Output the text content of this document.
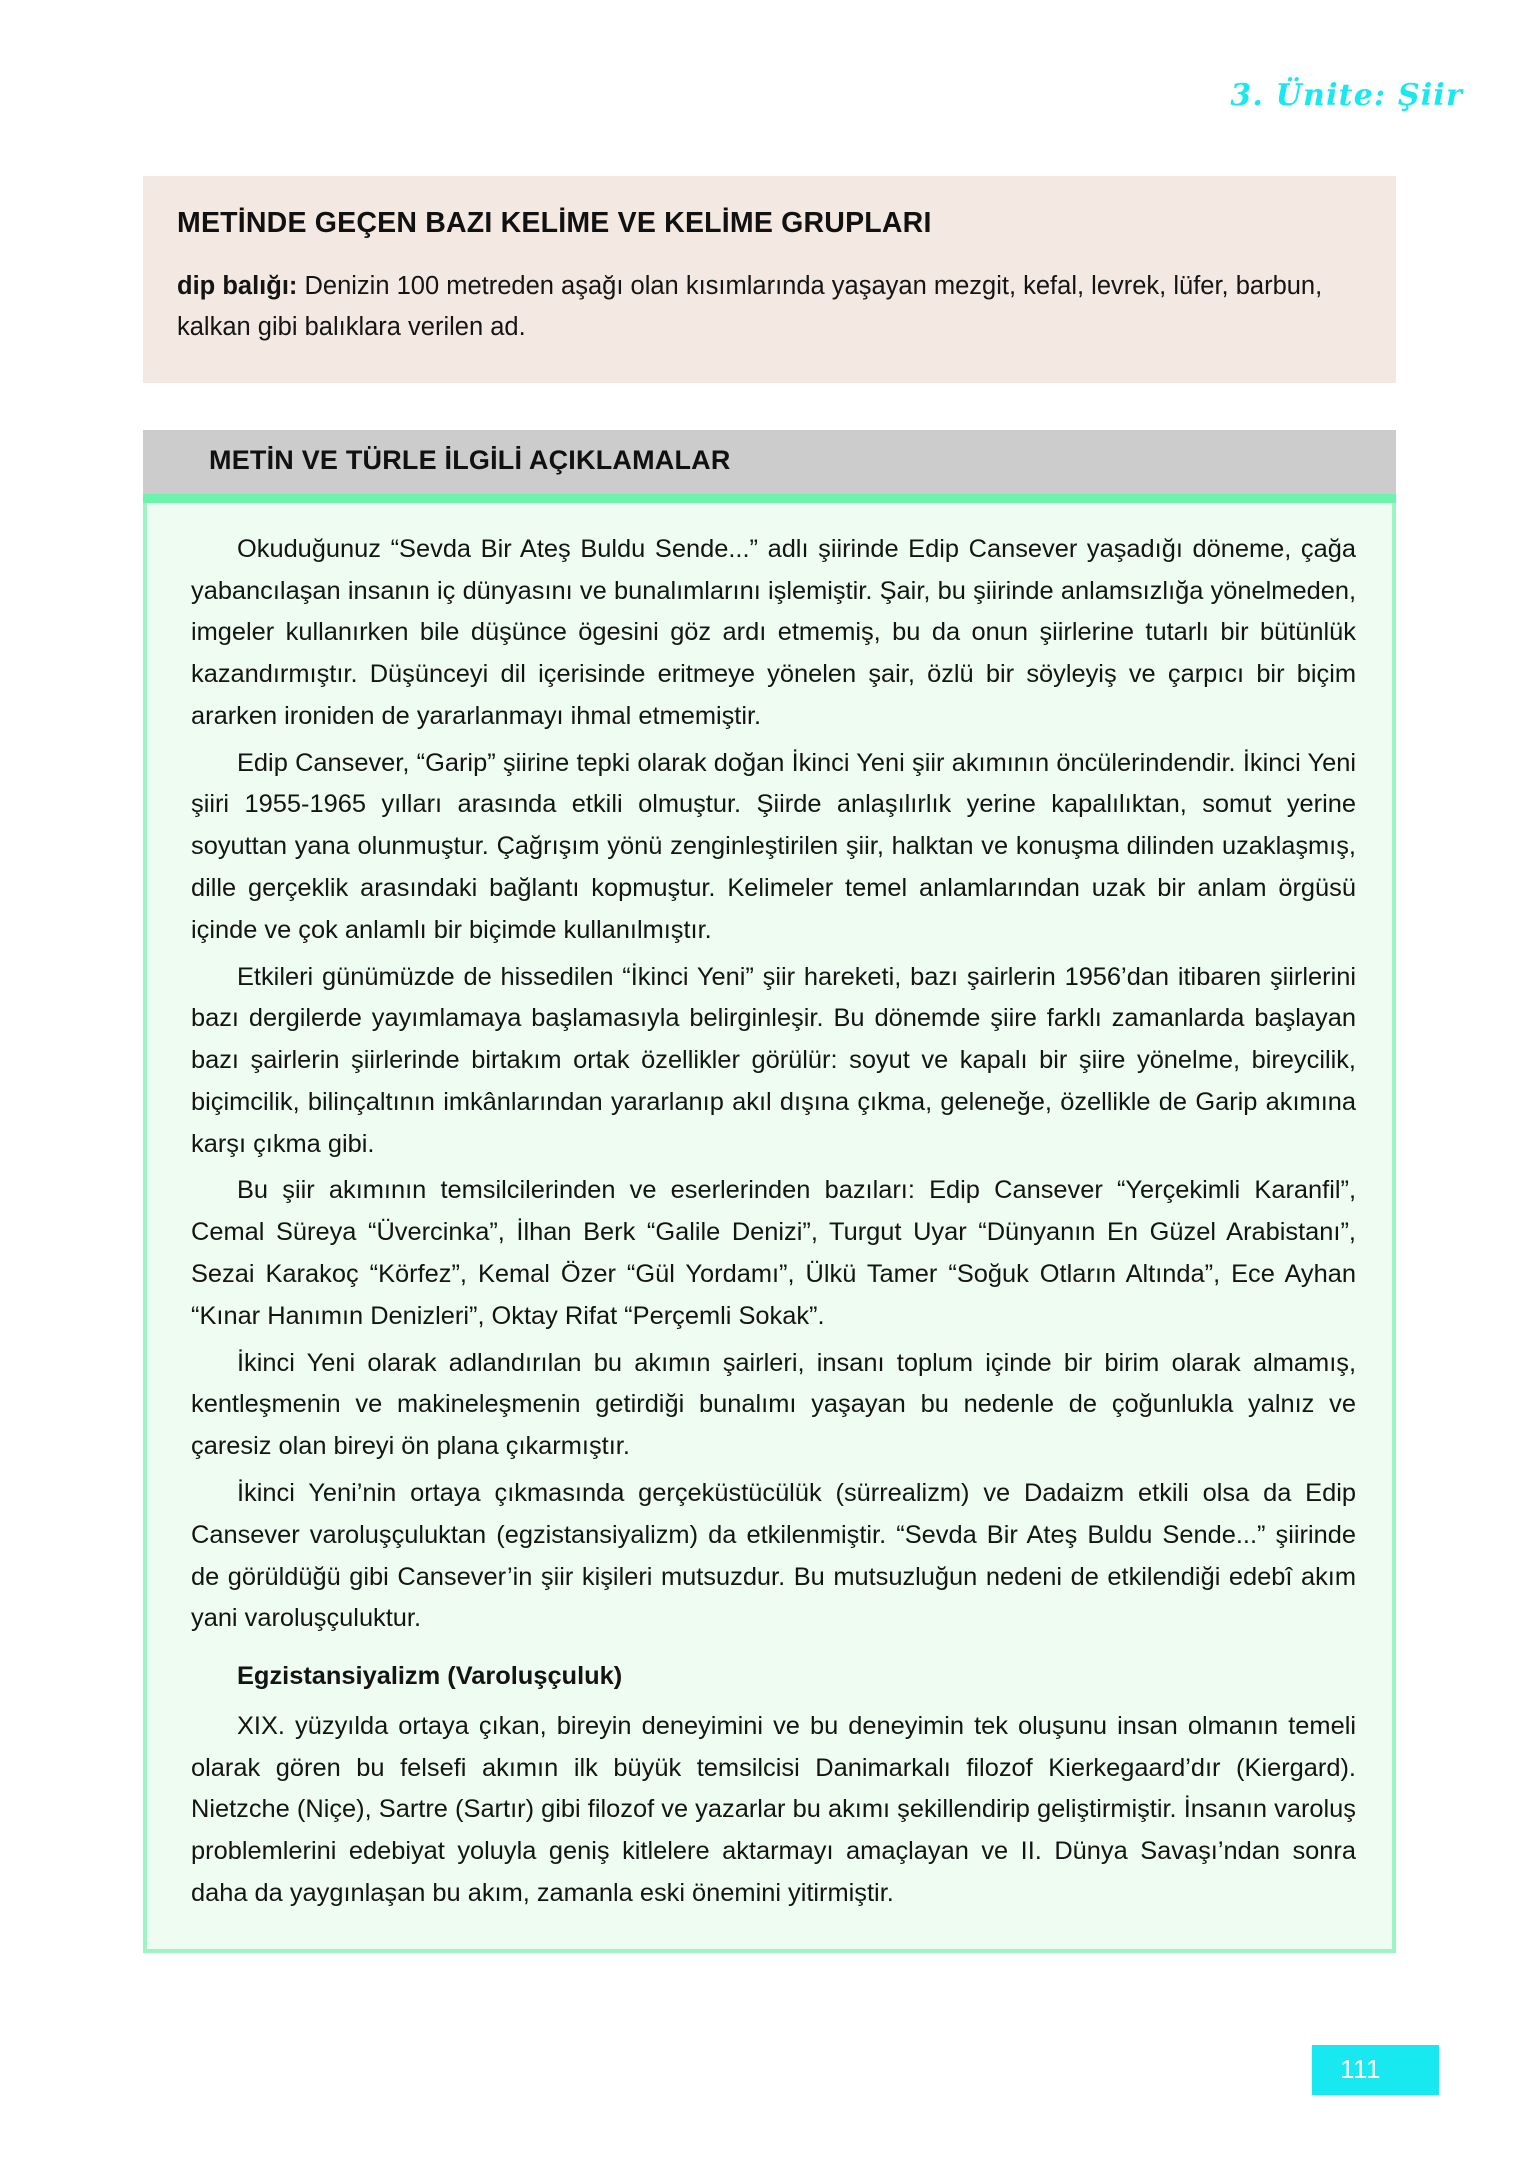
3. Ünite: Şiir
METİNDE GEÇEN BAZI KELİME VE KELİME GRUPLARI

dip balığı: Denizin 100 metreden aşağı olan kısımlarında yaşayan mezgit, kefal, levrek, lüfer, barbun, kalkan gibi balıklara verilen ad.

METİN VE TÜRLE İLGİLİ AÇIKLAMALAR

Okuduğunuz “Sevda Bir Ateş Buldu Sende...” adlı şiirinde Edip Cansever yaşadığı döneme, çağa yabancılaşan insanın iç dünyasını ve bunalımlarını işlemiştir. Şair, bu şiirinde anlamsızlığa yönelmeden, imgeler kullanırken bile düşünce ögesini göz ardı etmemiş, bu da onun şiirlerine tutarlı bir bütünlük kazandırmıştır. Düşünceyi dil içerisinde eritmeye yönelen şair, özlü bir söyleyiş ve çarpıcı bir biçim ararken ironiden de yararlanmayı ihmal etmemiştir.

Edip Cansever, “Garip” şiirine tepki olarak doğan İkinci Yeni şiir akımının öncülerindendir. İkinci Yeni şiiri 1955-1965 yılları arasında etkili olmuştur. Şiirde anlaşılırlık yerine kapalılıktan, somut yerine soyuttan yana olunmuştur. Çağrışım yönü zenginleştirilen şiir, halktan ve konuşma dilinden uzaklaşmış, dille gerçeklik arasındaki bağlantı kopmuştur. Kelimeler temel anlamlarından uzak bir anlam örgüsü içinde ve çok anlamlı bir biçimde kullanılmıştır.

Etkileri günümüzde de hissedilen “İkinci Yeni” şiir hareketi, bazı şairlerin 1956’dan itibaren şiirlerini bazı dergilerde yayımlamaya başlamasıyla belirginleşir. Bu dönemde şiire farklı zamanlarda başlayan bazı şairlerin şiirlerinde birtakım ortak özellikler görülür: soyut ve kapalı bir şiire yönelme, bireycilik, biçimcilik, bilinçaltının imkânlarından yararlanıp akıl dışına çıkma, geleneğe, özellikle de Garip akımına karşı çıkma gibi.

Bu şiir akımının temsilcilerinden ve eserlerinden bazıları: Edip Cansever “Yerçekimli Karanfil”, Cemal Süreya “Üvercinka”, İlhan Berk “Galile Denizi”, Turgut Uyar “Dünyanın En Güzel Arabistanı”, Sezai Karakoç “Körfez”, Kemal Özer “Gül Yordamı”, Ülkü Tamer “Soğuk Otların Altında”, Ece Ayhan “Kınar Hanımın Denizleri”, Oktay Rifat “Perçemli Sokak”.

İkinci Yeni olarak adlandırılan bu akımın şairleri, insanı toplum içinde bir birim olarak almamış, kentleşmenin ve makineleşmenin getirdiği bunalımı yaşayan bu nedenle de çoğunlukla yalnız ve çaresiz olan bireyi ön plana çıkarmıştır.

İkinci Yeni’nin ortaya çıkmasında gerçeküstücülük (sürrealizm) ve Dadaizm etkili olsa da Edip Cansever varoluşçuluktan (egzistansiyalizm) da etkilenmiştir. “Sevda Bir Ateş Buldu Sende...” şiirinde de görüldüğü gibi Cansever’in şiir kişileri mutsuzdur. Bu mutsuzluğun nedeni de etkilendiği edebî akım yani varoluşçuluktur.

Egzistansiyalizm (Varoluşçuluk)

XIX. yüzyılda ortaya çıkan, bireyin deneyimini ve bu deneyimin tek oluşunu insan olmanın temeli olarak gören bu felsefi akımın ilk büyük temsilcisi Danimarkalı filozof Kierkegaard’dır (Kiergard). Nietzche (Niçe), Sartre (Sartır) gibi filozof ve yazarlar bu akımı şekillendirip geliştirmiştir. İnsanın varoluş problemlerini edebiyat yoluyla geniş kitlelere aktarmayı amaçlayan ve II. Dünya Savaşı’ndan sonra daha da yaygınlaşan bu akım, zamanla eski önemini yitirmiştir.

111
